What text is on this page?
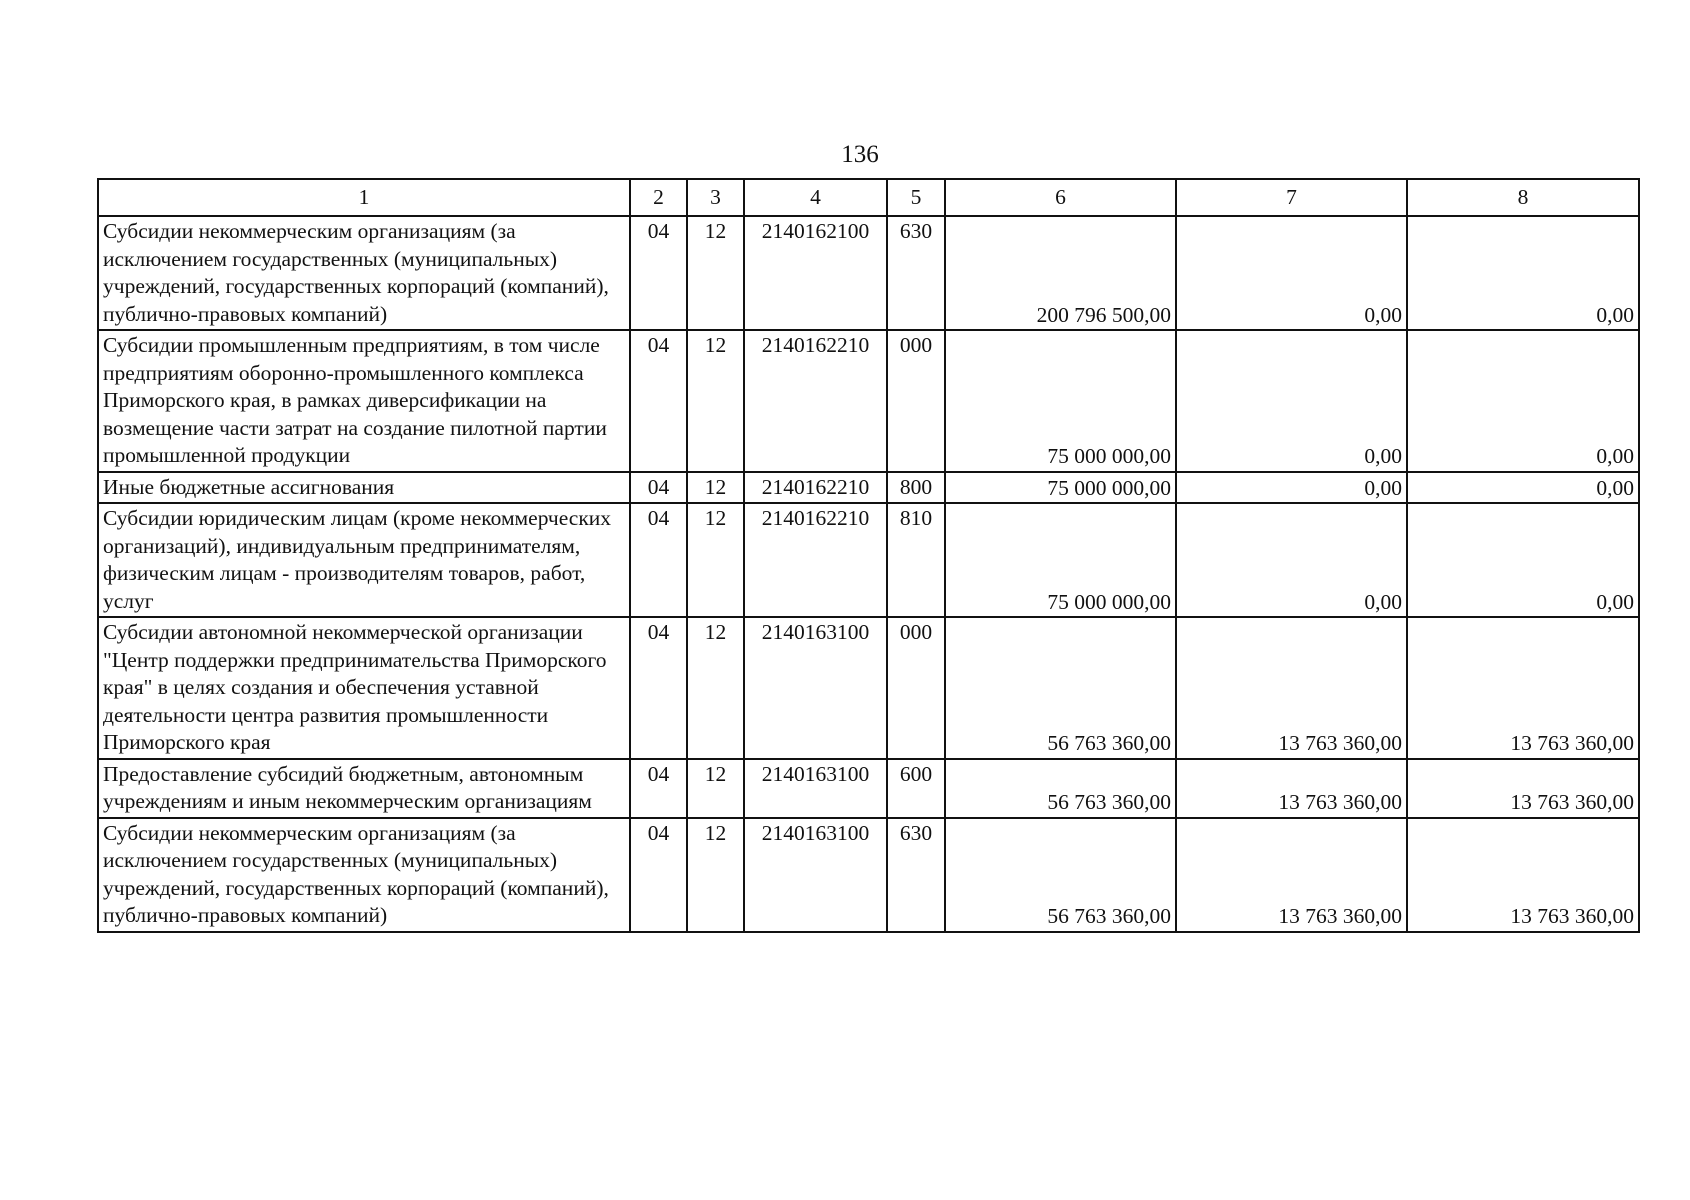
136
1	2	3	4	5	6	7	8
Субсидии некоммерческим организациям (за исключением государственных (муниципальных) учреждений, государственных корпораций (компаний), публично-правовых компаний)	04	12	2140162100	630	200 796 500,00	0,00	0,00
Субсидии промышленным предприятиям, в том числе предприятиям оборонно-промышленного комплекса Приморского края, в рамках диверсификации на возмещение части затрат на создание пилотной партии промышленной продукции	04	12	2140162210	000	75 000 000,00	0,00	0,00
Иные бюджетные ассигнования	04	12	2140162210	800	75 000 000,00	0,00	0,00
Субсидии юридическим лицам (кроме некоммерческих организаций), индивидуальным предпринимателям, физическим лицам - производителям товаров, работ, услуг	04	12	2140162210	810	75 000 000,00	0,00	0,00
Субсидии автономной некоммерческой организации "Центр поддержки предпринимательства Приморского края" в целях создания и обеспечения уставной деятельности центра развития промышленности Приморского края	04	12	2140163100	000	56 763 360,00	13 763 360,00	13 763 360,00
Предоставление субсидий бюджетным, автономным учреждениям и иным некоммерческим организациям	04	12	2140163100	600	56 763 360,00	13 763 360,00	13 763 360,00
Субсидии некоммерческим организациям (за исключением государственных (муниципальных) учреждений, государственных корпораций (компаний), публично-правовых компаний)	04	12	2140163100	630	56 763 360,00	13 763 360,00	13 763 360,00
